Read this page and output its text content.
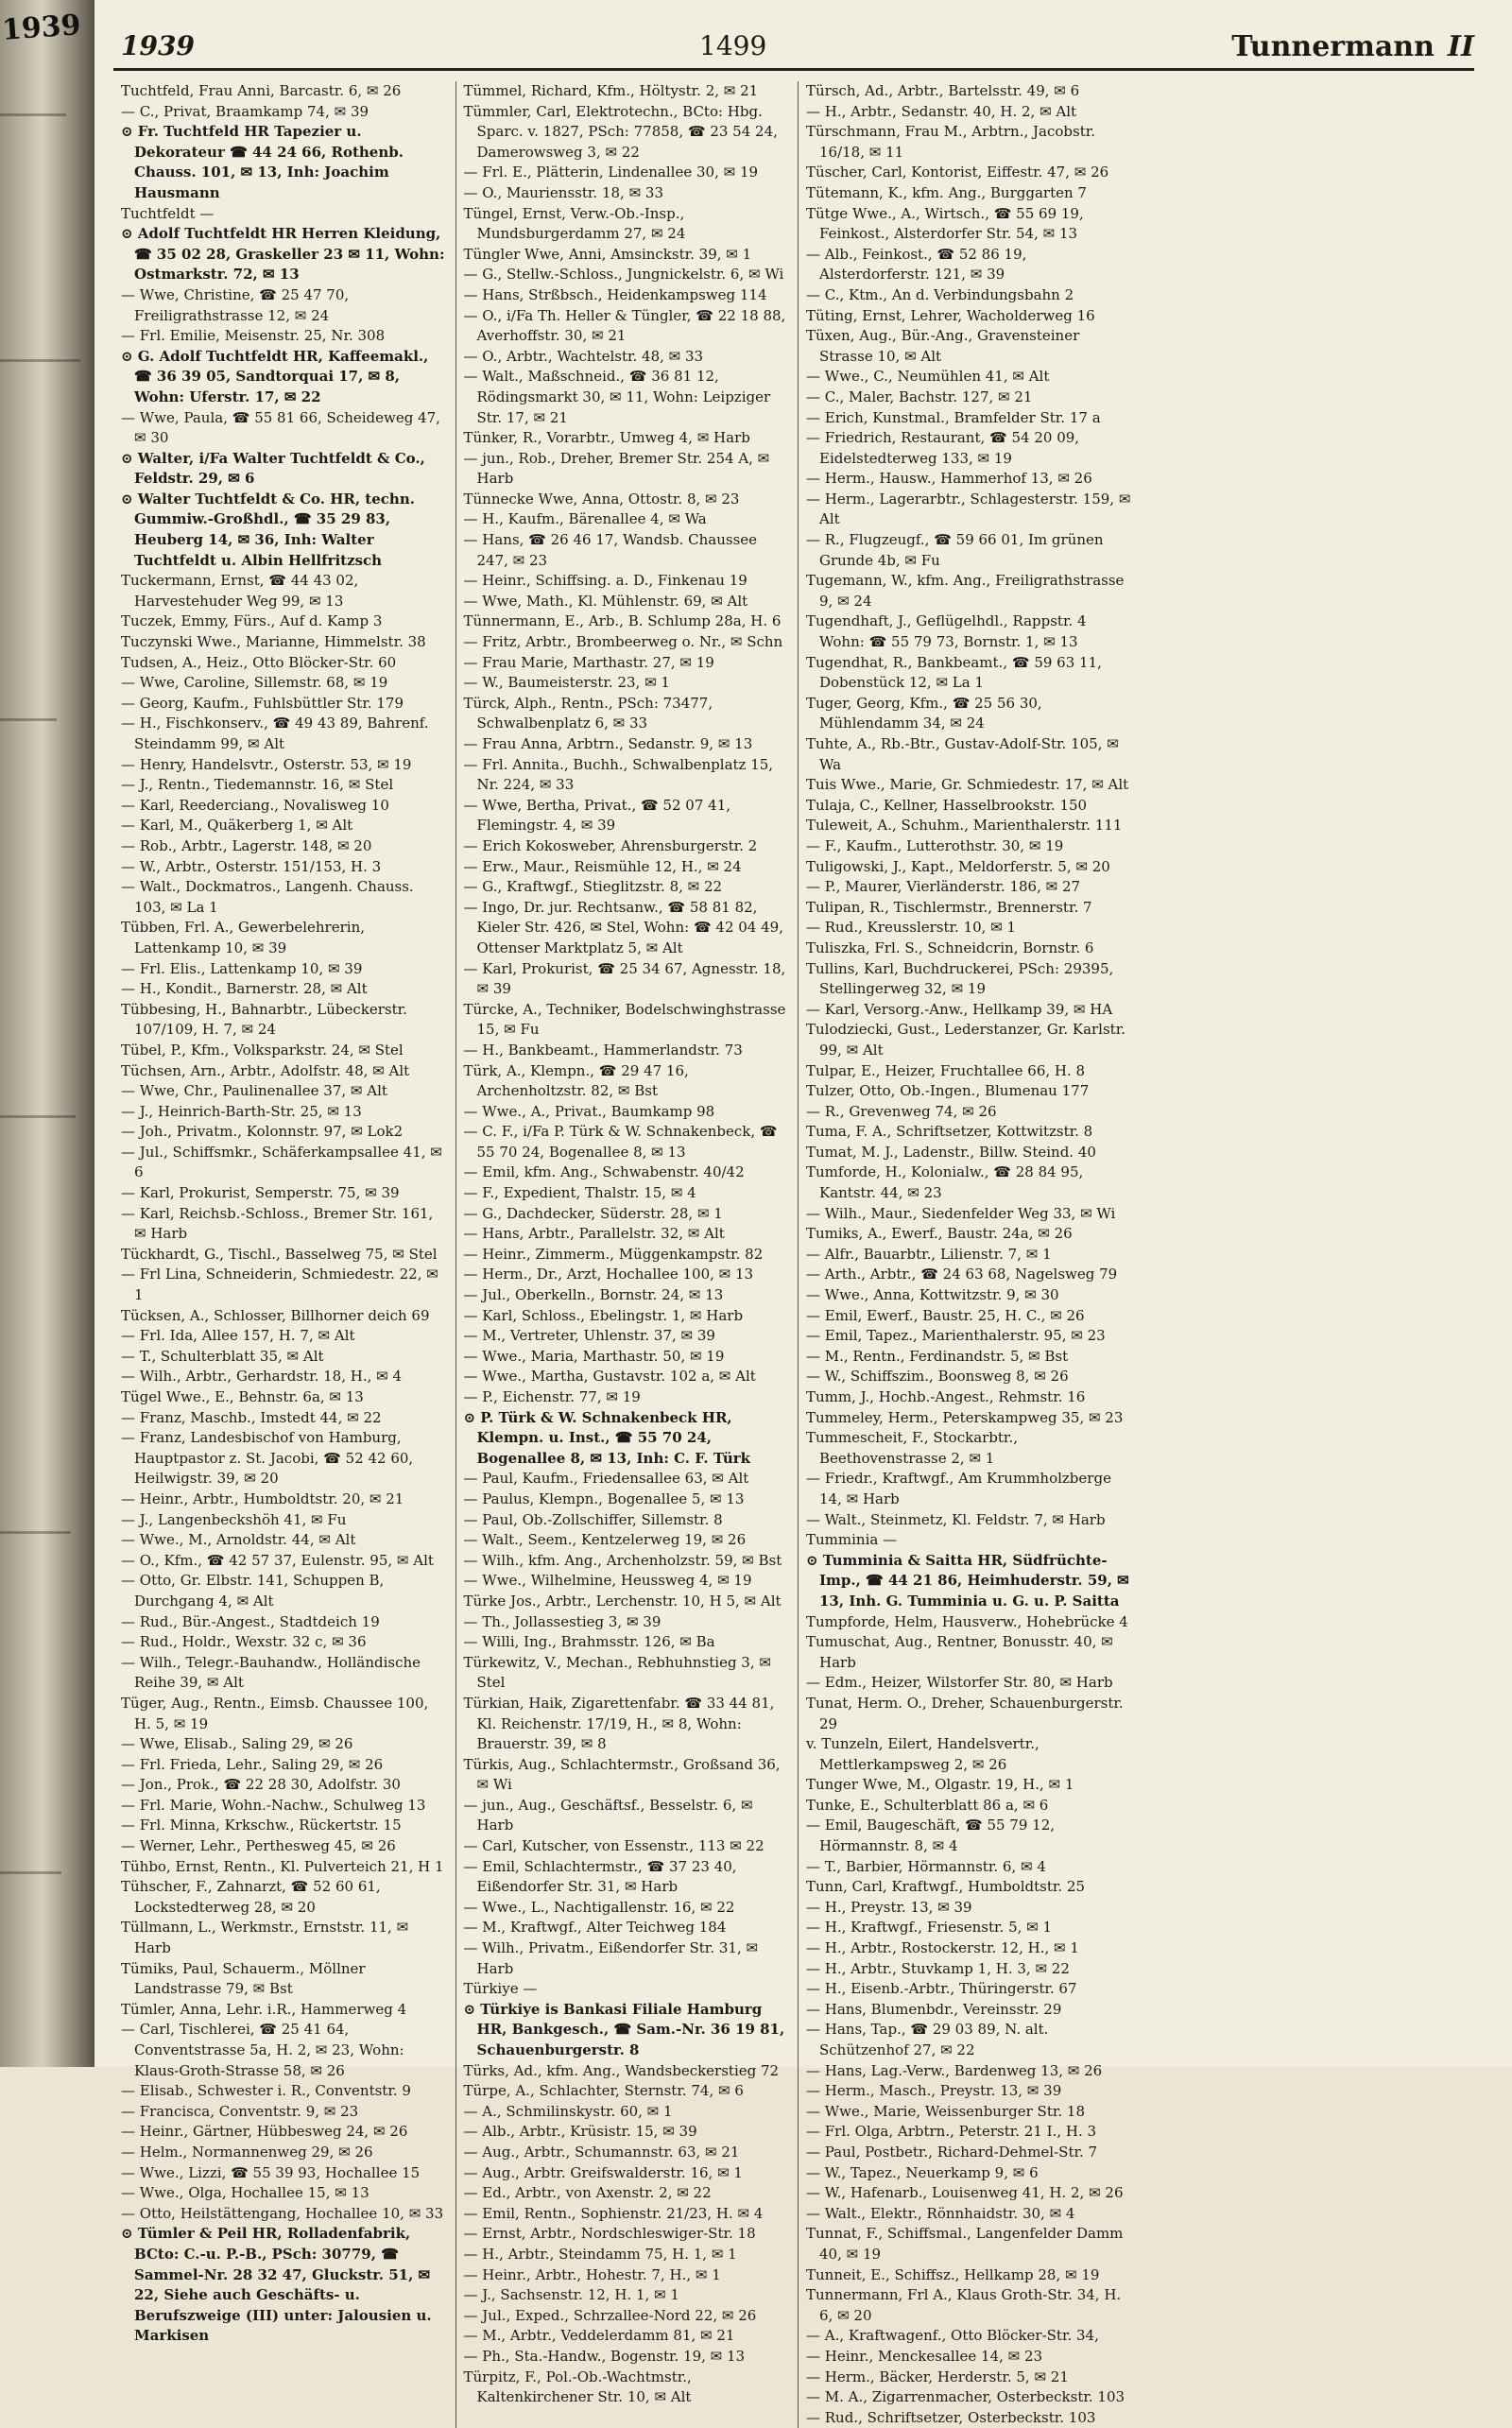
1939 1939	1499	Tunnermann II
Tuchtfeld, Frau Anni, Barcastr. 6, ✉ 26
— C., Privat, Braamkamp 74, ✉ 39
⊙ Fr. Tuchtfeld HR Tapezier u. Dekorateur ☎ 44 24 66, Rothenb. Chauss. 101, ✉ 13, Inh: Joachim Hausmann
Tuchtfeldt —
⊙ Adolf Tuchtfeldt HR Herren Kleidung, ☎ 35 02 28, Graskeller 23 ✉ 11, Wohn: Ostmarkstr. 72, ✉ 13
— Wwe, Christine, ☎ 25 47 70, Freiligrathstrasse 12, ✉ 24
— Frl. Emilie, Meisenstr. 25, Nr. 308
⊙ G. Adolf Tuchtfeldt HR, Kaffeemakl., ☎ 36 39 05, Sandtorquai 17, ✉ 8, Wohn: Uferstr. 17, ✉ 22
— Wwe, Paula, ☎ 55 81 66, Scheideweg 47, ✉ 30
⊙ Walter, i/Fa Walter Tuchtfeldt & Co., Feldstr. 29, ✉ 6
⊙ Walter Tuchtfeldt & Co. HR, techn. Gummiw.-Großhdl., ☎ 35 29 83, Heuberg 14, ✉ 36, Inh: Walter Tuchtfeldt u. Albin Hellfritzsch
Tuckermann, Ernst, ☎ 44 43 02, Harvestehuder Weg 99, ✉ 13
Tuczek, Emmy, Fürs., Auf d. Kamp 3
Tuczynski Wwe., Marianne, Himmelstr. 38
Tudsen, A., Heiz., Otto Blöcker-Str. 60
— Wwe, Caroline, Sillemstr. 68, ✉ 19
— Georg, Kaufm., Fuhlsbüttler Str. 179
— H., Fischkonserv., ☎ 49 43 89, Bahrenf. Steindamm 99, ✉ Alt
— Henry, Handelsvtr., Osterstr. 53, ✉ 19
— J., Rentn., Tiedemannstr. 16, ✉ Stel
— Karl, Reederciang., Novalisweg 10
— Karl, M., Quäkerberg 1, ✉ Alt
— Rob., Arbtr., Lagerstr. 148, ✉ 20
— W., Arbtr., Osterstr. 151/153, H. 3
— Walt., Dockmatros., Langenh. Chauss. 103, ✉ La 1
Tübben, Frl. A., Gewerbelehrerin, Lattenkamp 10, ✉ 39
— Frl. Elis., Lattenkamp 10, ✉ 39
— H., Kondit., Barnerstr. 28, ✉ Alt
Tübbesing, H., Bahnarbtr., Lübeckerstr. 107/109, H. 7, ✉ 24
Tübel, P., Kfm., Volksparkstr. 24, ✉ Stel
Tüchsen, Arn., Arbtr., Adolfstr. 48, ✉ Alt
— Wwe, Chr., Paulinenallee 37, ✉ Alt
— J., Heinrich-Barth-Str. 25, ✉ 13
— Joh., Privatm., Kolonnstr. 97, ✉ Lok2
— Jul., Schiffsmkr., Schäferkampsallee 41, ✉ 6
— Karl, Prokurist, Semperstr. 75, ✉ 39
— Karl, Reichsb.-Schloss., Bremer Str. 161, ✉ Harb
Tückhardt, G., Tischl., Basselweg 75, ✉ Stel
— Frl Lina, Schneiderin, Schmiedestr. 22, ✉ 1
Tücksen, A., Schlosser, Billhorner deich 69
— Frl. Ida, Allee 157, H. 7, ✉ Alt
— T., Schulterblatt 35, ✉ Alt
— Wilh., Arbtr., Gerhardstr. 18, H., ✉ 4
Tügel Wwe., E., Behnstr. 6a, ✉ 13
— Franz, Maschb., Imstedt 44, ✉ 22
— Franz, Landesbischof von Hamburg, Hauptpastor z. St. Jacobi, ☎ 52 42 60, Heilwigstr. 39, ✉ 20
— Heinr., Arbtr., Humboldtstr. 20, ✉ 21
— J., Langenbeckshöh 41, ✉ Fu
— Wwe., M., Arnoldstr. 44, ✉ Alt
— O., Kfm., ☎ 42 57 37, Eulenstr. 95, ✉ Alt
— Otto, Gr. Elbstr. 141, Schuppen B, Durchgang 4, ✉ Alt
— Rud., Bür.-Angest., Stadtdeich 19
— Rud., Holdr., Wexstr. 32 c, ✉ 36
— Wilh., Telegr.-Bauhandw., Holländische Reihe 39, ✉ Alt
Tüger, Aug., Rentn., Eimsb. Chaussee 100, H. 5, ✉ 19
— Wwe, Elisab., Saling 29, ✉ 26
— Frl. Frieda, Lehr., Saling 29, ✉ 26
— Jon., Prok., ☎ 22 28 30, Adolfstr. 30
— Frl. Marie, Wohn.-Nachw., Schulweg 13
— Frl. Minna, Krkschw., Rückertstr. 15
— Werner, Lehr., Perthesweg 45, ✉ 26
Tühbo, Ernst, Rentn., Kl. Pulverteich 21, H 1
Tühscher, F., Zahnarzt, ☎ 52 60 61, Lockstedterweg 28, ✉ 20
Tüllmann, L., Werkmstr., Ernststr. 11, ✉ Harb
Tümiks, Paul, Schauerm., Möllner Landstrasse 79, ✉ Bst
Tümler, Anna, Lehr. i.R., Hammerweg 4
— Carl, Tischlerei, ☎ 25 41 64, Conventstrasse 5a, H. 2, ✉ 23, Wohn: Klaus-Groth-Strasse 58, ✉ 26
— Elisab., Schwester i. R., Conventstr. 9
— Francisca, Conventstr. 9, ✉ 23
— Heinr., Gärtner, Hübbesweg 24, ✉ 26
— Helm., Normannenweg 29, ✉ 26
— Wwe., Lizzi, ☎ 55 39 93, Hochallee 15
— Wwe., Olga, Hochallee 15, ✉ 13
— Otto, Heilstättengang, Hochallee 10, ✉ 33
⊙ Tümler & Peil HR, Rolladenfabrik, BCto: C.-u. P.-B., PSch: 30779, ☎ Sammel-Nr. 28 32 47, Gluckstr. 51, ✉ 22, Siehe auch Geschäfts- u. Berufszweige (III) unter: Jalousien u. Markisen
Tümmel, Richard, Kfm., Höltystr. 2, ✉ 21
Tümmler, Carl, Elektrotechn., BCto: Hbg. Sparc. v. 1827, PSch: 77858, ☎ 23 54 24, Damerowsweg 3, ✉ 22
— Frl. E., Plätterin, Lindenallee 30, ✉ 19
— O., Mauriensstr. 18, ✉ 33
Tüngel, Ernst, Verw.-Ob.-Insp., Mundsburgerdamm 27, ✉ 24
Tüngler Wwe, Anni, Amsinckstr. 39, ✉ 1
— G., Stellw.-Schloss., Jungnickelstr. 6, ✉ Wi
— Hans, Strßbsch., Heidenkampsweg 114
— O., i/Fa Th. Heller & Tüngler, ☎ 22 18 88, Averhoffstr. 30, ✉ 21
— O., Arbtr., Wachtelstr. 48, ✉ 33
— Walt., Maßschneid., ☎ 36 81 12, Rödingsmarkt 30, ✉ 11, Wohn: Leipziger Str. 17, ✉ 21
Tünker, R., Vorarbtr., Umweg 4, ✉ Harb
— jun., Rob., Dreher, Bremer Str. 254 A, ✉ Harb
Tünnecke Wwe, Anna, Ottostr. 8, ✉ 23
— H., Kaufm., Bärenallee 4, ✉ Wa
— Hans, ☎ 26 46 17, Wandsb. Chaussee 247, ✉ 23
— Heinr., Schiffsing. a. D., Finkenau 19
— Wwe, Math., Kl. Mühlenstr. 69, ✉ Alt
Tünnermann, E., Arb., B. Schlump 28a, H. 6
— Fritz, Arbtr., Brombeerweg o. Nr., ✉ Schn
— Frau Marie, Marthastr. 27, ✉ 19
— W., Baumeisterstr. 23, ✉ 1
Türck, Alph., Rentn., PSch: 73477, Schwalbenplatz 6, ✉ 33
— Frau Anna, Arbtrn., Sedanstr. 9, ✉ 13
— Frl. Annita., Buchh., Schwalbenplatz 15, Nr. 224, ✉ 33
— Wwe, Bertha, Privat., ☎ 52 07 41, Flemingstr. 4, ✉ 39
— Erich Kokosweber, Ahrensburgerstr. 2
— Erw., Maur., Reismühle 12, H., ✉ 24
— G., Kraftwgf., Stieglitzstr. 8, ✉ 22
— Ingo, Dr. jur. Rechtsanw., ☎ 58 81 82, Kieler Str. 426, ✉ Stel, Wohn: ☎ 42 04 49, Ottenser Marktplatz 5, ✉ Alt
— Karl, Prokurist, ☎ 25 34 67, Agnesstr. 18, ✉ 39
Türcke, A., Techniker, Bodelschwinghstrasse 15, ✉ Fu
— H., Bankbeamt., Hammerlandstr. 73
Türk, A., Klempn., ☎ 29 47 16, Archenholtzstr. 82, ✉ Bst
— Wwe., A., Privat., Baumkamp 98
— C. F., i/Fa P. Türk & W. Schnakenbeck, ☎ 55 70 24, Bogenallee 8, ✉ 13
— Emil, kfm. Ang., Schwabenstr. 40/42
— F., Expedient, Thalstr. 15, ✉ 4
— G., Dachdecker, Süderstr. 28, ✉ 1
— Hans, Arbtr., Parallelstr. 32, ✉ Alt
— Heinr., Zimmerm., Müggenkampstr. 82
— Herm., Dr., Arzt, Hochallee 100, ✉ 13
— Jul., Oberkelln., Bornstr. 24, ✉ 13
— Karl, Schloss., Ebelingstr. 1, ✉ Harb
— M., Vertreter, Uhlenstr. 37, ✉ 39
— Wwe., Maria, Marthastr. 50, ✉ 19
— Wwe., Martha, Gustavstr. 102 a, ✉ Alt
— P., Eichenstr. 77, ✉ 19
⊙ P. Türk & W. Schnakenbeck HR, Klempn. u. Inst., ☎ 55 70 24, Bogenallee 8, ✉ 13, Inh: C. F. Türk
— Paul, Kaufm., Friedensallee 63, ✉ Alt
— Paulus, Klempn., Bogenallee 5, ✉ 13
— Paul, Ob.-Zollschiffer, Sillemstr. 8
— Walt., Seem., Kentzelerweg 19, ✉ 26
— Wilh., kfm. Ang., Archenholzstr. 59, ✉ Bst
— Wwe., Wilhelmine, Heussweg 4, ✉ 19
Türke Jos., Arbtr., Lerchenstr. 10, H 5, ✉ Alt
— Th., Jollassestieg 3, ✉ 39
— Willi, Ing., Brahmsstr. 126, ✉ Ba
Türkewitz, V., Mechan., Rebhuhnstieg 3, ✉ Stel
Türkian, Haik, Zigarettenfabr. ☎ 33 44 81, Kl. Reichenstr. 17/19, H., ✉ 8, Wohn: Brauerstr. 39, ✉ 8
Türkis, Aug., Schlachtermstr., Großsand 36, ✉ Wi
— jun., Aug., Geschäftsf., Besselstr. 6, ✉ Harb
— Carl, Kutscher, von Essenstr., 113 ✉ 22
— Emil, Schlachtermstr., ☎ 37 23 40, Eißendorfer Str. 31, ✉ Harb
— Wwe., L., Nachtigallenstr. 16, ✉ 22
— M., Kraftwgf., Alter Teichweg 184
— Wilh., Privatm., Eißendorfer Str. 31, ✉ Harb
Türkiye —
⊙ Türkiye is Bankasi Filiale Hamburg HR, Bankgesch., ☎ Sam.-Nr. 36 19 81, Schauenburgerstr. 8
Türks, Ad., kfm. Ang., Wandsbeckerstieg 72
Türpe, A., Schlachter, Sternstr. 74, ✉ 6
— A., Schmilinskystr. 60, ✉ 1
— Alb., Arbtr., Krüsistr. 15, ✉ 39
— Aug., Arbtr., Schumannstr. 63, ✉ 21
— Aug., Arbtr. Greifswalderstr. 16, ✉ 1
— Ed., Arbtr., von Axenstr. 2, ✉ 22
— Emil, Rentn., Sophienstr. 21/23, H. ✉ 4
— Ernst, Arbtr., Nordschleswiger-Str. 18
— H., Arbtr., Steindamm 75, H. 1, ✉ 1
— Heinr., Arbtr., Hohestr. 7, H., ✉ 1
— J., Sachsenstr. 12, H. 1, ✉ 1
— Jul., Exped., Schrzallee-Nord 22, ✉ 26
— M., Arbtr., Veddelerdamm 81, ✉ 21
— Ph., Sta.-Handw., Bogenstr. 19, ✉ 13
Türpitz, F., Pol.-Ob.-Wachtmstr., Kaltenkirchener Str. 10, ✉ Alt
Türsch, Ad., Arbtr., Bartelsstr. 49, ✉ 6
— H., Arbtr., Sedanstr. 40, H. 2, ✉ Alt
Türschmann, Frau M., Arbtrn., Jacobstr. 16/18, ✉ 11
Tüscher, Carl, Kontorist, Eiffestr. 47, ✉ 26
Tütemann, K., kfm. Ang., Burggarten 7
Tütge Wwe., A., Wirtsch., ☎ 55 69 19, Feinkost., Alsterdorfer Str. 54, ✉ 13
— Alb., Feinkost., ☎ 52 86 19, Alsterdorferstr. 121, ✉ 39
— C., Ktm., An d. Verbindungsbahn 2
Tüting, Ernst, Lehrer, Wacholderweg 16
Tüxen, Aug., Bür.-Ang., Gravensteiner Strasse 10, ✉ Alt
— Wwe., C., Neumühlen 41, ✉ Alt
— C., Maler, Bachstr. 127, ✉ 21
— Erich, Kunstmal., Bramfelder Str. 17 a
— Friedrich, Restaurant, ☎ 54 20 09, Eidelstedterweg 133, ✉ 19
— Herm., Hausw., Hammerhof 13, ✉ 26
— Herm., Lagerarbtr., Schlagesterstr. 159, ✉ Alt
— R., Flugzeugf., ☎ 59 66 01, Im grünen Grunde 4b, ✉ Fu
Tugemann, W., kfm. Ang., Freiligrathstrasse 9, ✉ 24
Tugendhaft, J., Geflügelhdl., Rappstr. 4 Wohn: ☎ 55 79 73, Bornstr. 1, ✉ 13
Tugendhat, R., Bankbeamt., ☎ 59 63 11, Dobenstück 12, ✉ La 1
Tuger, Georg, Kfm., ☎ 25 56 30, Mühlendamm 34, ✉ 24
Tuhte, A., Rb.-Btr., Gustav-Adolf-Str. 105, ✉ Wa
Tuis Wwe., Marie, Gr. Schmiedestr. 17, ✉ Alt
Tulaja, C., Kellner, Hasselbrookstr. 150
Tuleweit, A., Schuhm., Marienthalerstr. 111
— F., Kaufm., Lutterothstr. 30, ✉ 19
Tuligowski, J., Kapt., Meldorferstr. 5, ✉ 20
— P., Maurer, Vierländerstr. 186, ✉ 27
Tulipan, R., Tischlermstr., Brennerstr. 7
— Rud., Kreusslerstr. 10, ✉ 1
Tuliszka, Frl. S., Schneidcrin, Bornstr. 6
Tullins, Karl, Buchdruckerei, PSch: 29395, Stellingerweg 32, ✉ 19
— Karl, Versorg.-Anw., Hellkamp 39, ✉ HA
Tulodziecki, Gust., Lederstanzer, Gr. Karlstr. 99, ✉ Alt
Tulpar, E., Heizer, Fruchtallee 66, H. 8
Tulzer, Otto, Ob.-Ingen., Blumenau 177
— R., Grevenweg 74, ✉ 26
Tuma, F. A., Schriftsetzer, Kottwitzstr. 8
Tumat, M. J., Ladenstr., Billw. Steind. 40
Tumforde, H., Kolonialw., ☎ 28 84 95, Kantstr. 44, ✉ 23
— Wilh., Maur., Siedenfelder Weg 33, ✉ Wi
Tumiks, A., Ewerf., Baustr. 24a, ✉ 26
— Alfr., Bauarbtr., Lilienstr. 7, ✉ 1
— Arth., Arbtr., ☎ 24 63 68, Nagelsweg 79
— Wwe., Anna, Kottwitzstr. 9, ✉ 30
— Emil, Ewerf., Baustr. 25, H. C., ✉ 26
— Emil, Tapez., Marienthalerstr. 95, ✉ 23
— M., Rentn., Ferdinandstr. 5, ✉ Bst
— W., Schiffszim., Boonsweg 8, ✉ 26
Tumm, J., Hochb.-Angest., Rehmstr. 16
Tummeley, Herm., Peterskampweg 35, ✉ 23
Tummescheit, F., Stockarbtr., Beethovenstrasse 2, ✉ 1
— Friedr., Kraftwgf., Am Krummholzberge 14, ✉ Harb
— Walt., Steinmetz, Kl. Feldstr. 7, ✉ Harb
Tumminia —
⊙ Tumminia & Saitta HR, Südfrüchte-Imp., ☎ 44 21 86, Heimhuderstr. 59, ✉ 13, Inh. G. Tumminia u. G. u. P. Saitta
Tumpforde, Helm, Hausverw., Hohebrücke 4
Tumuschat, Aug., Rentner, Bonusstr. 40, ✉ Harb
— Edm., Heizer, Wilstorfer Str. 80, ✉ Harb
Tunat, Herm. O., Dreher, Schauenburgerstr. 29
v. Tunzeln, Eilert, Handelsvertr., Mettlerkampsweg 2, ✉ 26
Tunger Wwe, M., Olgastr. 19, H., ✉ 1
Tunke, E., Schulterblatt 86 a, ✉ 6
— Emil, Baugeschäft, ☎ 55 79 12, Hörmannstr. 8, ✉ 4
— T., Barbier, Hörmannstr. 6, ✉ 4
Tunn, Carl, Kraftwgf., Humboldtstr. 25
— H., Preystr. 13, ✉ 39
— H., Kraftwgf., Friesenstr. 5, ✉ 1
— H., Arbtr., Rostockerstr. 12, H., ✉ 1
— H., Arbtr., Stuvkamp 1, H. 3, ✉ 22
— H., Eisenb.-Arbtr., Thüringerstr. 67
— Hans, Blumenbdr., Vereinsstr. 29
— Hans, Tap., ☎ 29 03 89, N. alt. Schützenhof 27, ✉ 22
— Hans, Lag.-Verw., Bardenweg 13, ✉ 26
— Herm., Masch., Preystr. 13, ✉ 39
— Wwe., Marie, Weissenburger Str. 18
— Frl. Olga, Arbtrn., Peterstr. 21 I., H. 3
— Paul, Postbetr., Richard-Dehmel-Str. 7
— W., Tapez., Neuerkamp 9, ✉ 6
— W., Hafenarb., Louisenweg 41, H. 2, ✉ 26
— Walt., Elektr., Rönnhaidstr. 30, ✉ 4
Tunnat, F., Schiffsmal., Langenfelder Damm 40, ✉ 19
Tunneit, E., Schiffsz., Hellkamp 28, ✉ 19
Tunnermann, Frl A., Klaus Groth-Str. 34, H. 6, ✉ 20
— A., Kraftwagenf., Otto Blöcker-Str. 34,
— Heinr., Menckesallee 14, ✉ 23
— Herm., Bäcker, Herderstr. 5, ✉ 21
— M. A., Zigarrenmacher, Osterbeckstr. 103
— Rud., Schriftsetzer, Osterbeckstr. 103
